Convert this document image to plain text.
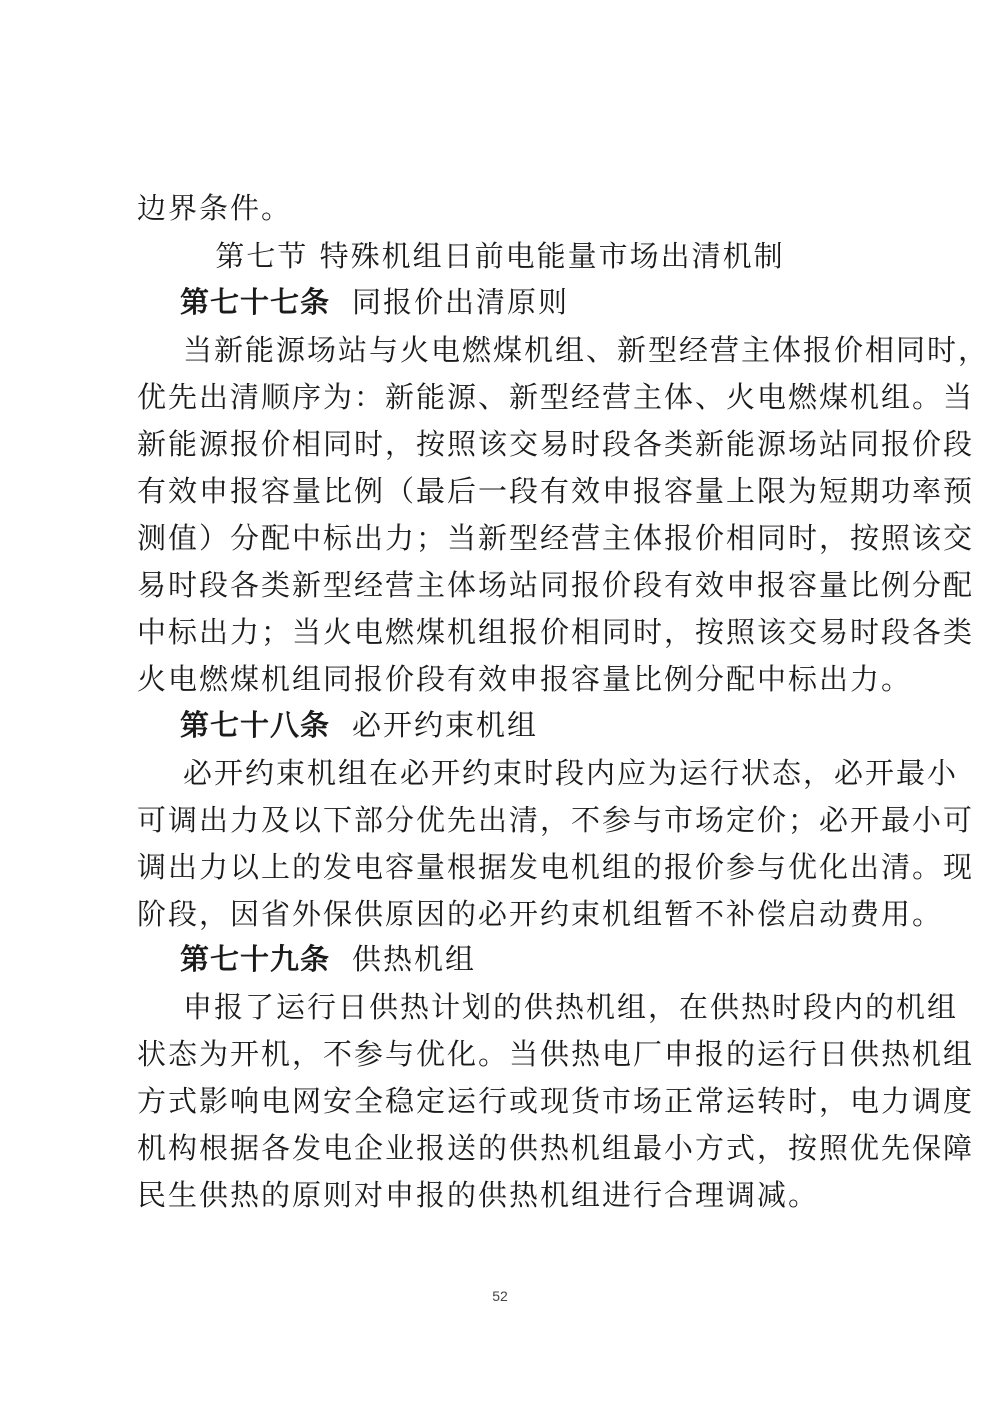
边界条件。
第七节 特殊机组日前电能量市场出清机制
第七十七条 同报价出清原则
当新能源场站与火电燃煤机组、新型经营主体报价相同时，
优先出清顺序为：新能源、新型经营主体、火电燃煤机组。当
新能源报价相同时，按照该交易时段各类新能源场站同报价段
有效申报容量比例（最后一段有效申报容量上限为短期功率预
测值）分配中标出力；当新型经营主体报价相同时，按照该交
易时段各类新型经营主体场站同报价段有效申报容量比例分配
中标出力；当火电燃煤机组报价相同时，按照该交易时段各类
火电燃煤机组同报价段有效申报容量比例分配中标出力。
第七十八条 必开约束机组
必开约束机组在必开约束时段内应为运行状态，必开最小
可调出力及以下部分优先出清，不参与市场定价；必开最小可
调出力以上的发电容量根据发电机组的报价参与优化出清。现
阶段，因省外保供原因的必开约束机组暂不补偿启动费用。
第七十九条 供热机组
申报了运行日供热计划的供热机组，在供热时段内的机组
状态为开机，不参与优化。当供热电厂申报的运行日供热机组
方式影响电网安全稳定运行或现货市场正常运转时，电力调度
机构根据各发电企业报送的供热机组最小方式，按照优先保障
民生供热的原则对申报的供热机组进行合理调减。
52
